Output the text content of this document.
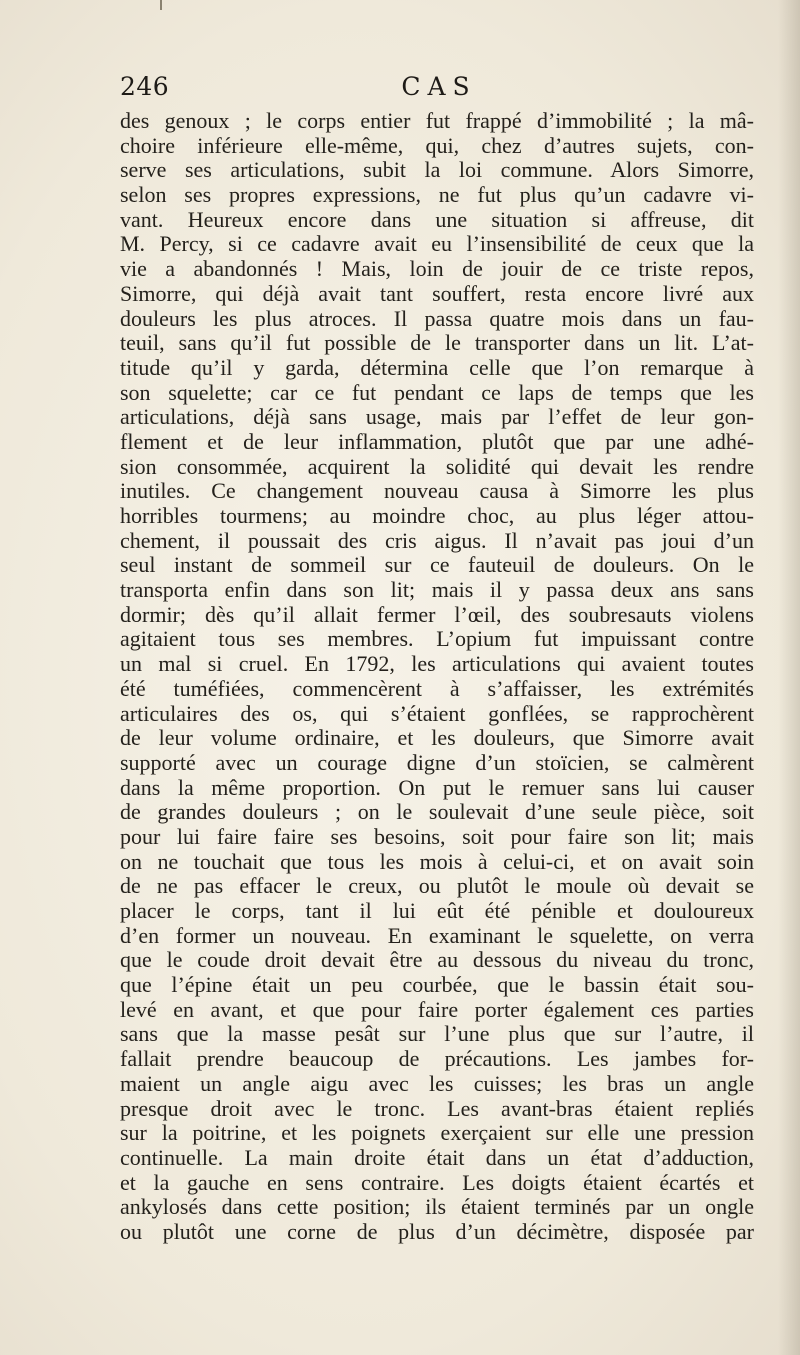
CAS
246
des genoux ; le corps entier fut frappé d’immobilité ; la mâ-
choire inférieure elle-même, qui, chez d’autres sujets, con-
serve ses articulations, subit la loi commune. Alors Simorre,
selon ses propres expressions, ne fut plus qu’un cadavre vi-
vant. Heureux encore dans une situation si affreuse, dit
M. Percy, si ce cadavre avait eu l’insensibilité de ceux que la
vie a abandonnés ! Mais, loin de jouir de ce triste repos,
Simorre, qui déjà avait tant souffert, resta encore livré aux
douleurs les plus atroces. Il passa quatre mois dans un fau-
teuil, sans qu’il fut possible de le transporter dans un lit. L’at-
titude qu’il y garda, détermina celle que l’on remarque à
son squelette; car ce fut pendant ce laps de temps que les
articulations, déjà sans usage, mais par l’effet de leur gon-
flement et de leur inflammation, plutôt que par une adhé-
sion consommée, acquirent la solidité qui devait les rendre
inutiles. Ce changement nouveau causa à Simorre les plus
horribles tourmens; au moindre choc, au plus léger attou-
chement, il poussait des cris aigus. Il n’avait pas joui d’un
seul instant de sommeil sur ce fauteuil de douleurs. On le
transporta enfin dans son lit; mais il y passa deux ans sans
dormir; dès qu’il allait fermer l’œil, des soubresauts violens
agitaient tous ses membres. L’opium fut impuissant contre
un mal si cruel. En 1792, les articulations qui avaient toutes
été tuméfiées, commencèrent à s’affaisser, les extrémités
articulaires des os, qui s’étaient gonflées, se rapprochèrent
de leur volume ordinaire, et les douleurs, que Simorre avait
supporté avec un courage digne d’un stoïcien, se calmèrent
dans la même proportion. On put le remuer sans lui causer
de grandes douleurs ; on le soulevait d’une seule pièce, soit
pour lui faire faire ses besoins, soit pour faire son lit; mais
on ne touchait que tous les mois à celui-ci, et on avait soin
de ne pas effacer le creux, ou plutôt le moule où devait se
placer le corps, tant il lui eût été pénible et douloureux
d’en former un nouveau. En examinant le squelette, on verra
que le coude droit devait être au dessous du niveau du tronc,
que l’épine était un peu courbée, que le bassin était sou-
levé en avant, et que pour faire porter également ces parties
sans que la masse pesât sur l’une plus que sur l’autre, il
fallait prendre beaucoup de précautions. Les jambes for-
maient un angle aigu avec les cuisses; les bras un angle
presque droit avec le tronc. Les avant-bras étaient repliés
sur la poitrine, et les poignets exerçaient sur elle une pression
continuelle. La main droite était dans un état d’adduction,
et la gauche en sens contraire. Les doigts étaient écartés et
ankylosés dans cette position; ils étaient terminés par un ongle
ou plutôt une corne de plus d’un décimètre, disposée par
